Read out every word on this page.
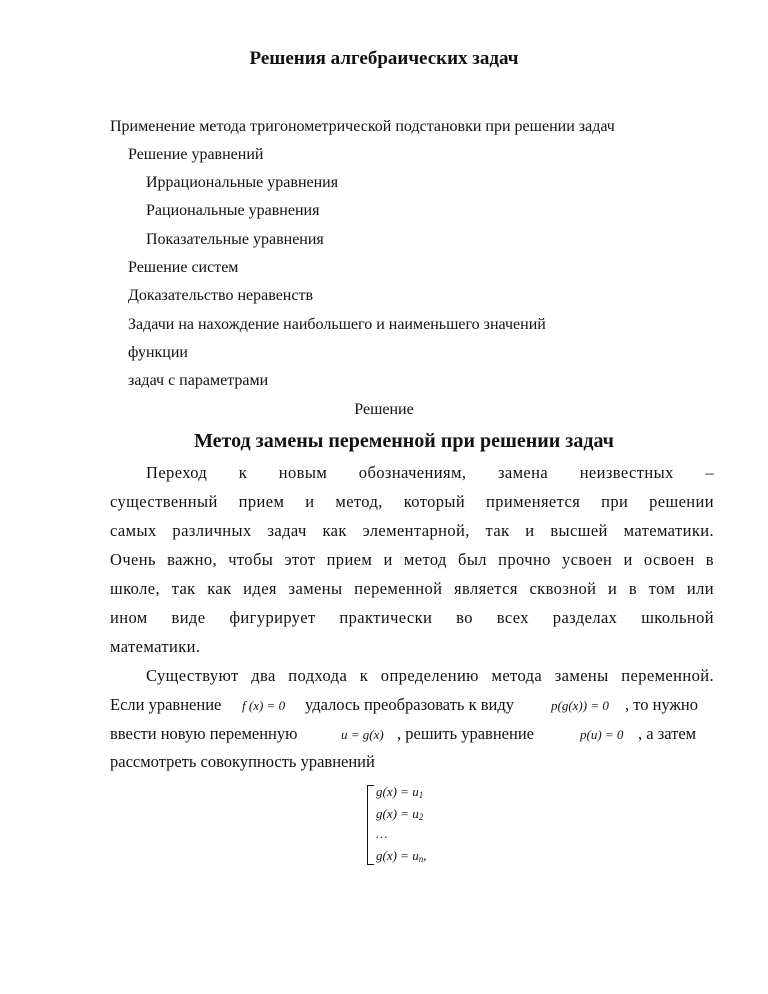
Решения алгебраических задач
Применение метода тригонометрической подстановки при решении задач
Решение уравнений
Иррациональные уравнения
Рациональные уравнения
Показательные уравнения
Решение систем
Доказательство неравенств
Задачи на нахождение наибольшего и наименьшего значений
функции
задач с параметрами
Решение
Метод замены переменной при решении задач
Переход к новым обозначениям, замена неизвестных –
существенный прием и метод, который применяется при решении
самых различных задач как элементарной, так и высшей математики.
Очень важно, чтобы этот прием и метод был прочно усвоен и освоен в
школе, так как идея замены переменной является сквозной и в том или
ином виде фигурирует практически во всех разделах школьной
математики.
Существуют два подхода к определению метода замены переменной.
Если уравнение f (x) = 0 удалось преобразовать к виду	p(g(x)) = 0 , то нужно
ввести новую переменную	u = g(x) , решить уравнение	p(u) = 0 , а затем
рассмотреть совокупность уравнений
$g(x) = u_1$
$g(x) = u_2$
…
$g(x) = u_n$,
